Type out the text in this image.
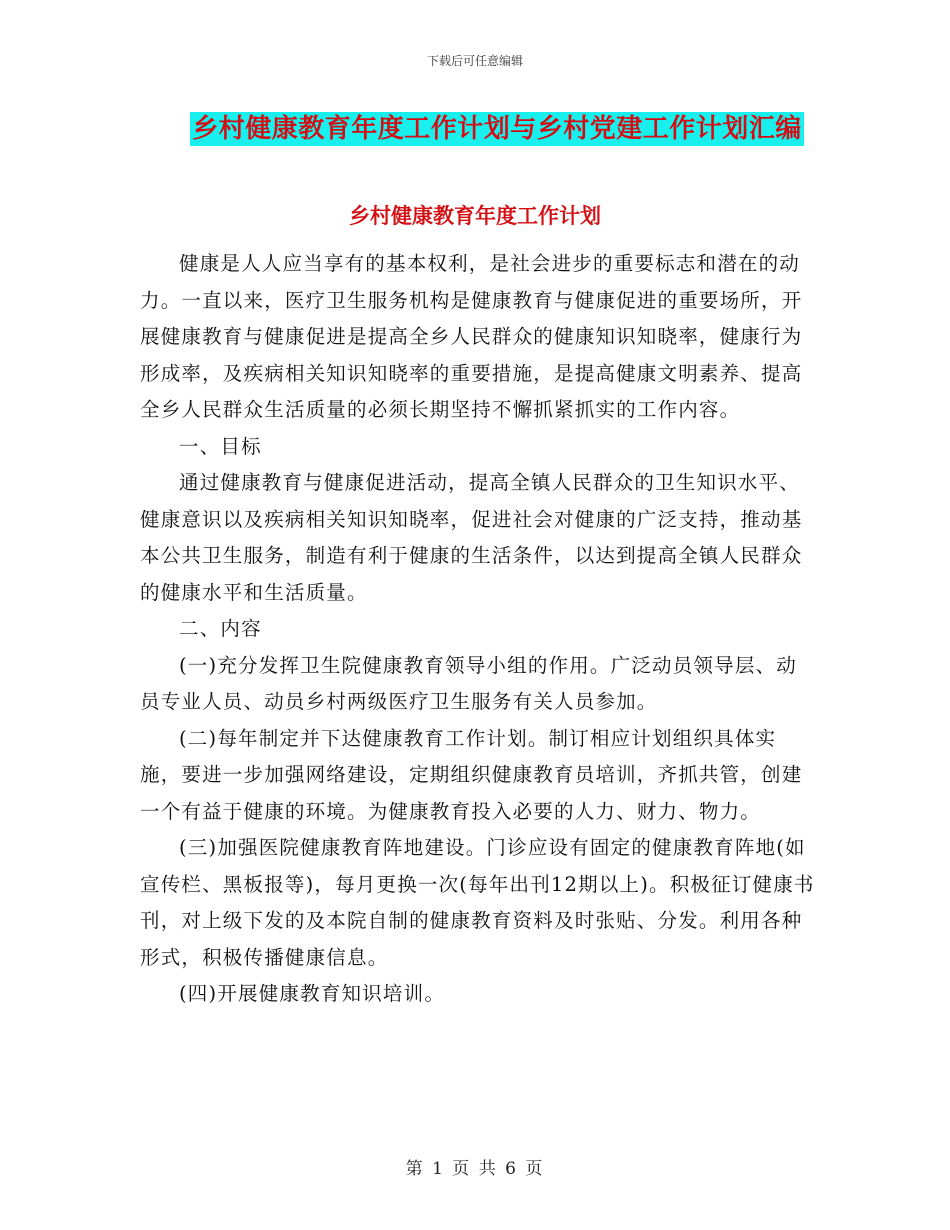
下载后可任意编辑
乡村健康教育年度工作计划与乡村党建工作计划汇编
乡村健康教育年度工作计划

健康是人人应当享有的基本权利，是社会进步的重要标志和潜在的动力。一直以来，医疗卫生服务机构是健康教育与健康促进的重要场所，开展健康教育与健康促进是提高全乡人民群众的健康知识知晓率，健康行为形成率，及疾病相关知识知晓率的重要措施，是提高健康文明素养、提高全乡人民群众生活质量的必须长期坚持不懈抓紧抓实的工作内容。

一、目标

通过健康教育与健康促进活动，提高全镇人民群众的卫生知识水平、健康意识以及疾病相关知识知晓率，促进社会对健康的广泛支持，推动基本公共卫生服务，制造有利于健康的生活条件，以达到提高全镇人民群众的健康水平和生活质量。

二、内容

(一)充分发挥卫生院健康教育领导小组的作用。广泛动员领导层、动员专业人员、动员乡村两级医疗卫生服务有关人员参加。

(二)每年制定并下达健康教育工作计划。制订相应计划组织具体实施，要进一步加强网络建设，定期组织健康教育员培训，齐抓共管，创建一个有益于健康的环境。为健康教育投入必要的人力、财力、物力。

(三)加强医院健康教育阵地建设。门诊应设有固定的健康教育阵地(如宣传栏、黑板报等)，每月更换一次(每年出刊12期以上)。积极征订健康书刊，对上级下发的及本院自制的健康教育资料及时张贴、分发。利用各种形式，积极传播健康信息。

(四)开展健康教育知识培训。

第 1 页 共 6 页
